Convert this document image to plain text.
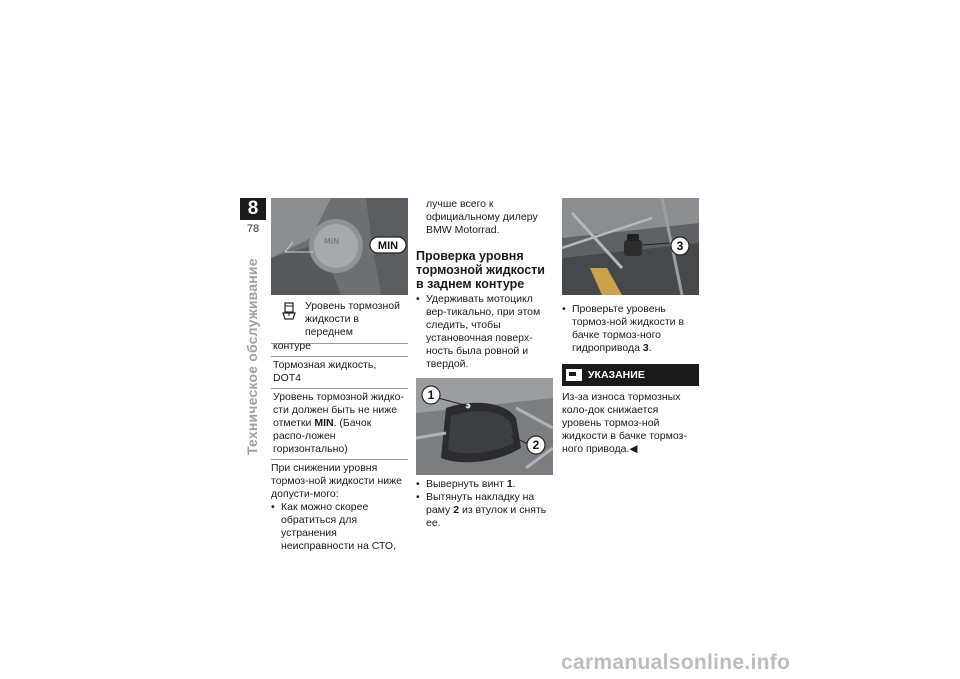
8
78
Техническое обслуживание
MIN	MIN
Уровень тормозной
жидкости в переднем
контуре
Тормозная жидкость, DOT4
Уровень тормозной жидко-сти должен быть не ниже отметки MIN. (Бачок распо-ложен горизонтально)
При снижении уровня тормоз-ной жидкости ниже допусти-мого:
• Как можно скорее обратиться для устранения неисправности на СТО,
лучше всего к официальному дилеру BMW Motorrad.
Проверка уровня тормозной жидкости в заднем контуре
• Удерживать мотоцикл вер-тикально, при этом следить, чтобы установочная поверх-ность была ровной и твердой.
1
2
• Вывернуть винт 1.
• Вытянуть накладку на раму 2 из втулок и снять ее.
3
• Проверьте уровень тормоз-ной жидкости в бачке тормоз-ного гидропривода 3.
УКАЗАНИЕ
Из-за износа тормозных коло-док снижается уровень тормоз-ной жидкости в бачке тормоз-ного привода.◀
carmanualsonline.info
